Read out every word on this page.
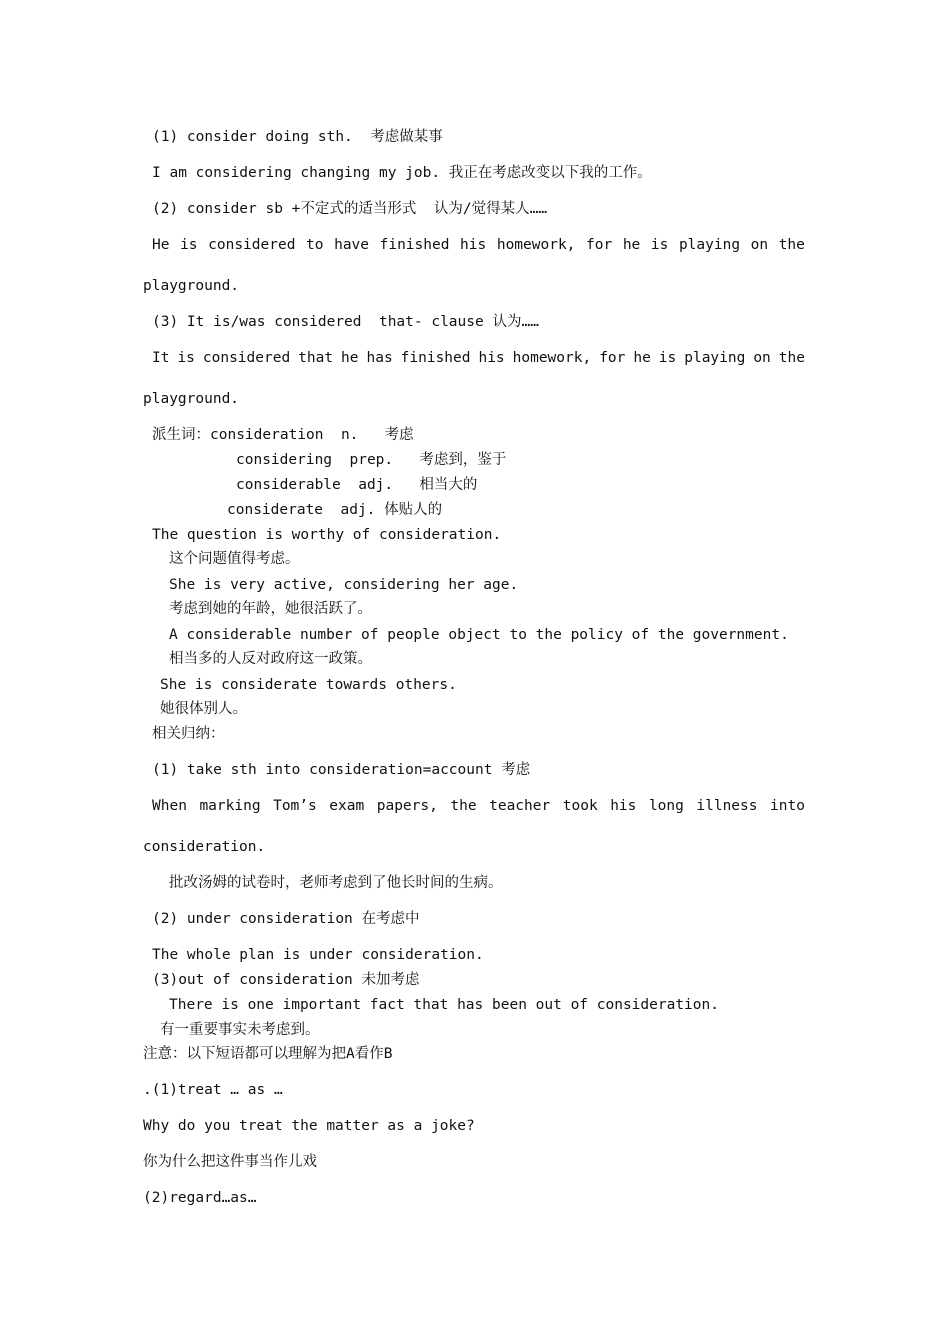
(1) consider doing sth.  考虑做某事
I am considering changing my job. 我正在考虑改变以下我的工作。
(2) consider sb +不定式的适当形式  认为/觉得某人……
He is considered to have finished his homework, for he is playing on the
playground.
(3) It is/was considered  that- clause 认为……
It is considered that he has finished his homework, for he is playing on the
playground.
派生词：consideration  n.   考虑
considering  prep.   考虑到，鉴于
considerable  adj.   相当大的
considerate  adj. 体贴人的
The question is worthy of consideration.
这个问题值得考虑。
She is very active, considering her age.
考虑到她的年龄，她很活跃了。
A considerable number of people object to the policy of the government.
相当多的人反对政府这一政策。
She is considerate towards others.
她很体别人。
相关归纳：
(1) take sth into consideration=account 考虑
When marking Tom’s exam papers, the teacher took his long illness into
consideration.
批改汤姆的试卷时，老师考虑到了他长时间的生病。
(2) under consideration 在考虑中
The whole plan is under consideration.
(3)out of consideration 未加考虑
There is one important fact that has been out of consideration.
有一重要事实未考虑到。
注意：以下短语都可以理解为把A看作B
.(1)treat … as …
Why do you treat the matter as a joke?
你为什么把这件事当作儿戏
(2)regard…as…
